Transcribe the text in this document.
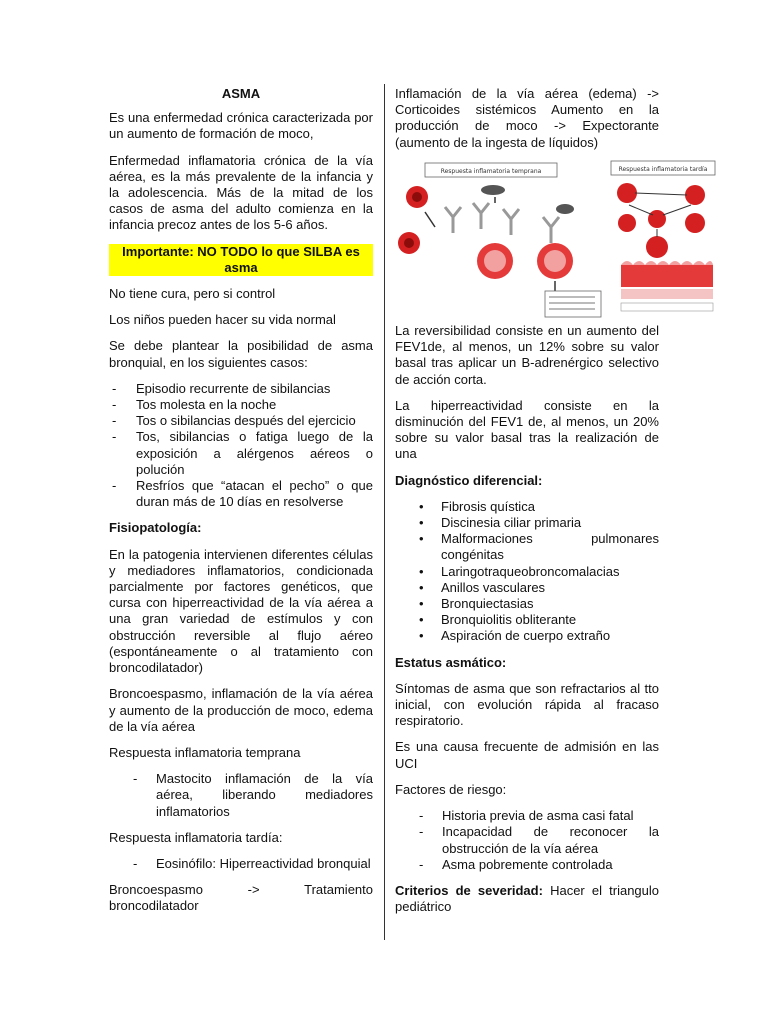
ASMA

Es una enfermedad crónica caracterizada por un aumento de formación de moco,

Enfermedad inflamatoria crónica de la vía aérea, es la más prevalente de la infancia y la adolescencia. Más de la mitad de los casos de asma del adulto comienza en la infancia precoz antes de los 5-6 años.

Importante: NO TODO lo que SILBA es asma

No tiene cura, pero si control

Los niños pueden hacer su vida normal

Se debe plantear la posibilidad de asma bronquial, en los siguientes casos:

- Episodio recurrente de sibilancias
- Tos molesta en la noche
- Tos o sibilancias después del ejercicio
- Tos, sibilancias o fatiga luego de la exposición a alérgenos aéreos o polución
- Resfríos que “atacan el pecho” o que duran más de 10 días en resolverse

Fisiopatología:

En la patogenia intervienen diferentes células y mediadores inflamatorios, condicionada parcialmente por factores genéticos, que cursa con hiperreactividad de la vía aérea a una gran variedad de estímulos y con obstrucción reversible al flujo aéreo (espontáneamente o al tratamiento con broncodilatador)

Broncoespasmo, inflamación de la vía aérea y aumento de la producción de moco, edema de la vía aérea

Respuesta inflamatoria temprana

- Mastocito inflamación de la vía aérea, liberando mediadores inflamatorios

Respuesta inflamatoria tardía:

- Eosinófilo: Hiperreactividad bronquial

Broncoespasmo -> Tratamiento broncodilatador

Inflamación de la vía aérea (edema) -> Corticoides sistémicos Aumento en la producción de moco -> Expectorante (aumento de la ingesta de líquidos)

Respuesta inflamatoria temprana	Respuesta inflamatoria tardía

La reversibilidad consiste en un aumento del FEV1de, al menos, un 12% sobre su valor basal tras aplicar un B-adrenérgico selectivo de acción corta.

La hiperreactividad consiste en la disminución del FEV1 de, al menos, un 20% sobre su valor basal tras la realización de una

Diagnóstico diferencial:

• Fibrosis quística
• Discinesia ciliar primaria
• Malformaciones pulmonares congénitas
• Laringotraqueobroncomalacias
• Anillos vasculares
• Bronquiectasias
• Bronquiolitis obliterante
• Aspiración de cuerpo extraño

Estatus asmático:

Síntomas de asma que son refractarios al tto inicial, con evolución rápida al fracaso respiratorio.

Es una causa frecuente de admisión en las UCI

Factores de riesgo:

- Historia previa de asma casi fatal
- Incapacidad de reconocer la obstrucción de la vía aérea
- Asma pobremente controlada

Criterios de severidad: Hacer el triangulo pediátrico
